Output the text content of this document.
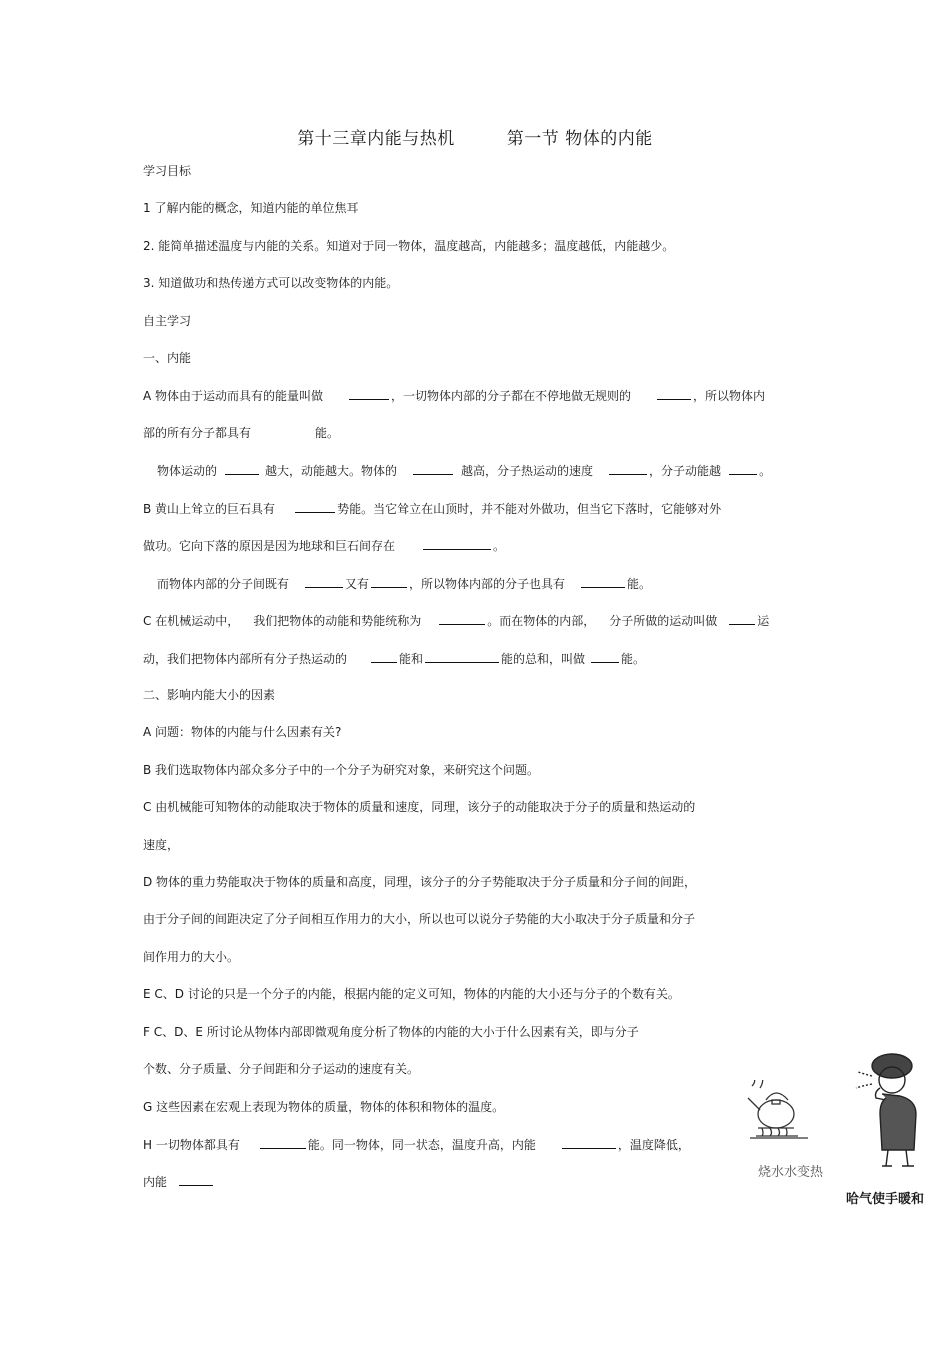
第十三章内能与热机	第一节 物体的内能
学习目标
1 了解内能的概念，知道内能的单位焦耳
2. 能简单描述温度与内能的关系。知道对于同一物体，温度越高，内能越多；温度越低，内能越少。
3. 知道做功和热传递方式可以改变物体的内能。
自主学习
一、内能
A 物体由于运动而具有的能量叫做	，一切物体内部的分子都在不停地做无规则的	，所以物体内
部的所有分子都具有	能。
物体运动的	越大，动能越大。物体的	越高，分子热运动的速度	，分子动能越	。
B 黄山上耸立的巨石具有	势能。当它耸立在山顶时，并不能对外做功，但当它下落时，它能够对外
做功。它向下落的原因是因为地球和巨石间存在	。
而物体内部的分子间既有	又有	，所以物体内部的分子也具有	能。
C 在机械运动中， 我们把物体的动能和势能统称为	。而在物体的内部， 分子所做的运动叫做	运
动，我们把物体内部所有分子热运动的	能和	能的总和，叫做	能。
二、影响内能大小的因素
A 问题：物体的内能与什么因素有关?
B 我们选取物体内部众多分子中的一个分子为研究对象，来研究这个问题。
C 由机械能可知物体的动能取决于物体的质量和速度，同理，该分子的动能取决于分子的质量和热运动的
速度，
D 物体的重力势能取决于物体的质量和高度，同理，该分子的分子势能取决于分子质量和分子间的间距，
由于分子间的间距决定了分子间相互作用力的大小，所以也可以说分子势能的大小取决于分子质量和分子
间作用力的大小。
E C、D 讨论的只是一个分子的内能，根据内能的定义可知，物体的内能的大小还与分子的个数有关。
F C、D、E 所讨论从物体内部即微观角度分析了物体的内能的大小于什么因素有关，即与分子
个数、分子质量、分子间距和分子运动的速度有关。
G 这些因素在宏观上表现为物体的质量，物体的体积和物体的温度。
H 一切物体都具有	能。同一物体，同一状态，温度升高，内能	，温度降低，
内能
烧水水变热
哈气使手暖和
